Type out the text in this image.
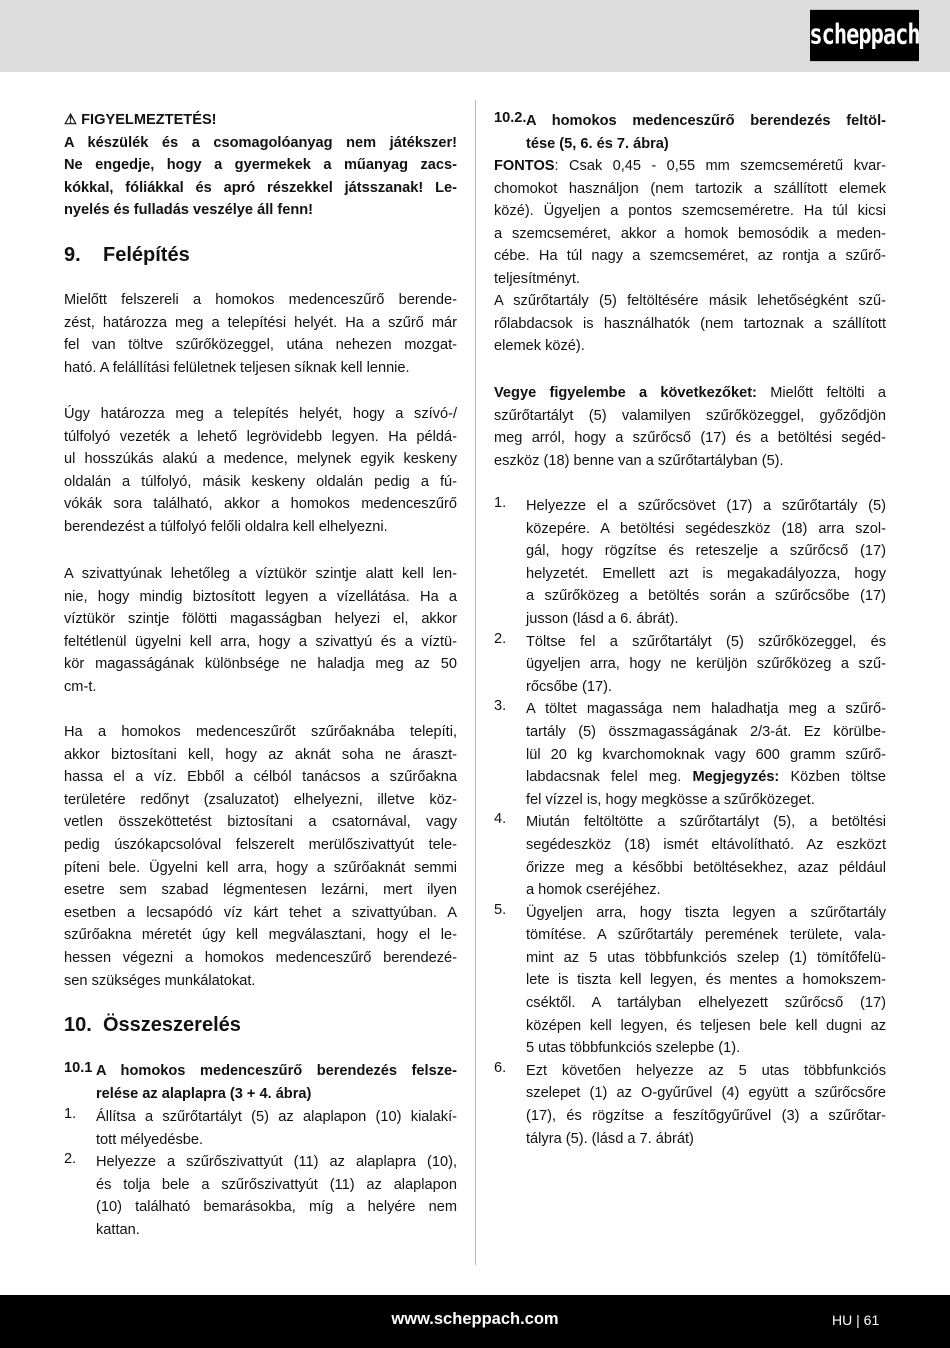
scheppach
⚠ FIGYELMEZTETÉS!
A készülék és a csomagolóanyag nem játékszer!
Ne engedje, hogy a gyermekek a műanyag zacs-
kókkal, fóliákkal és apró részekkel játsszanak! Le-
nyelés és fulladás veszélye áll fenn!
9. Felépítés
Mielőtt felszereli a homokos medenceszűrő berende-
zést, határozza meg a telepítési helyét. Ha a szűrő már
fel van töltve szűrőközeggel, utána nehezen mozgat-
ható. A felállítási felületnek teljesen síknak kell lennie.
Úgy határozza meg a telepítés helyét, hogy a szívó-/
túlfolyó vezeték a lehető legrövidebb legyen. Ha példá-
ul hosszúkás alakú a medence, melynek egyik keskeny
oldalán a túlfolyó, másik keskeny oldalán pedig a fú-
vókák sora található, akkor a homokos medenceszűrő
berendezést a túlfolyó felőli oldalra kell elhelyezni.
A szivattyúnak lehetőleg a víztükör szintje alatt kell len-
nie, hogy mindig biztosított legyen a vízellátása. Ha a
víztükör szintje fölötti magasságban helyezi el, akkor
feltétlenül ügyelni kell arra, hogy a szivattyú és a víztü-
kör magasságának különbsége ne haladja meg az 50
cm-t.
Ha a homokos medenceszűrőt szűrőaknába telepíti,
akkor biztosítani kell, hogy az aknát soha ne áraszt-
hassa el a víz. Ebből a célból tanácsos a szűrőakna
területére redőnyt (zsaluzatot) elhelyezni, illetve köz-
vetlen összeköttetést biztosítani a csatornával, vagy
pedig úszókapcsolóval felszerelt merülőszivattyút tele-
píteni bele. Ügyelni kell arra, hogy a szűrőaknát semmi
esetre sem szabad légmentesen lezárni, mert ilyen
esetben a lecsapódó víz kárt tehet a szivattyúban. A
szűrőakna méretét úgy kell megválasztani, hogy el le-
hessen végezni a homokos medenceszűrő berendezé-
sen szükséges munkálatokat.
10. Összeszerelés
10.1 A homokos medenceszűrő berendezés felsze-
relése az alaplapra (3 + 4. ábra)
1. Állítsa a szűrőtartályt (5) az alaplapon (10) kialakí-
tott mélyedésbe.
2. Helyezze a szűrőszivattyút (11) az alaplapra (10),
és tolja bele a szűrőszivattyút (11) az alaplapon
(10) található bemarásokba, míg a helyére nem
kattan.
10.2. A homokos medenceszűrő berendezés feltöl-
tése (5, 6. és 7. ábra)
FONTOS: Csak 0,45 - 0,55 mm szemcseméretű kvar-
chomokot használjon (nem tartozik a szállított elemek
közé). Ügyeljen a pontos szemcseméretre. Ha túl kicsi
a szemcseméret, akkor a homok bemosódik a meden-
cébe. Ha túl nagy a szemcseméret, az rontja a szűrő-
teljesítményt.
A szűrőtartály (5) feltöltésére másik lehetőségként szű-
rőlabdacsok is használhatók (nem tartoznak a szállított
elemek közé).
Vegye figyelembe a következőket: Mielőtt feltölti a
szűrőtartályt (5) valamilyen szűrőközeggel, győződjön
meg arról, hogy a szűrőcső (17) és a betöltési segéd-
eszköz (18) benne van a szűrőtartályban (5).
1. Helyezze el a szűrőcsövet (17) a szűrőtartály (5)
közepére. A betöltési segédeszköz (18) arra szol-
gál, hogy rögzítse és reteszelje a szűrőcső (17)
helyzetét. Emellett azt is megakadályozza, hogy
a szűrőközeg a betöltés során a szűrőcsőbe (17)
jusson (lásd a 6. ábrát).
2. Töltse fel a szűrőtartályt (5) szűrőközeggel, és
ügyeljen arra, hogy ne kerüljön szűrőközeg a szű-
rőcsőbe (17).
3. A töltet magassága nem haladhatja meg a szűrő-
tartály (5) összmagasságának 2/3-át. Ez körülbe-
lül 20 kg kvarchomoknak vagy 600 gramm szűrő-
labdacsnak felel meg. Megjegyzés: Közben töltse
fel vízzel is, hogy megkösse a szűrőközeget.
4. Miután feltöltötte a szűrőtartályt (5), a betöltési
segédeszköz (18) ismét eltávolítható. Az eszközt
őrizze meg a későbbi betöltésekhez, azaz például
a homok cseréjéhez.
5. Ügyeljen arra, hogy tiszta legyen a szűrőtartály
tömítése. A szűrőtartály peremének területe, vala-
mint az 5 utas többfunkciós szelep (1) tömítőfelü-
lete is tiszta kell legyen, és mentes a homokszem-
cséktől. A tartályban elhelyezett szűrőcső (17)
középen kell legyen, és teljesen bele kell dugni az
5 utas többfunkciós szelepbe (1).
6. Ezt követően helyezze az 5 utas többfunkciós
szelepet (1) az O-gyűrűvel (4) együtt a szűrőcsőre
(17), és rögzítse a feszítőgyűrűvel (3) a szűrőtar-
tályra (5). (lásd a 7. ábrát)
www.scheppach.com	HU | 61
